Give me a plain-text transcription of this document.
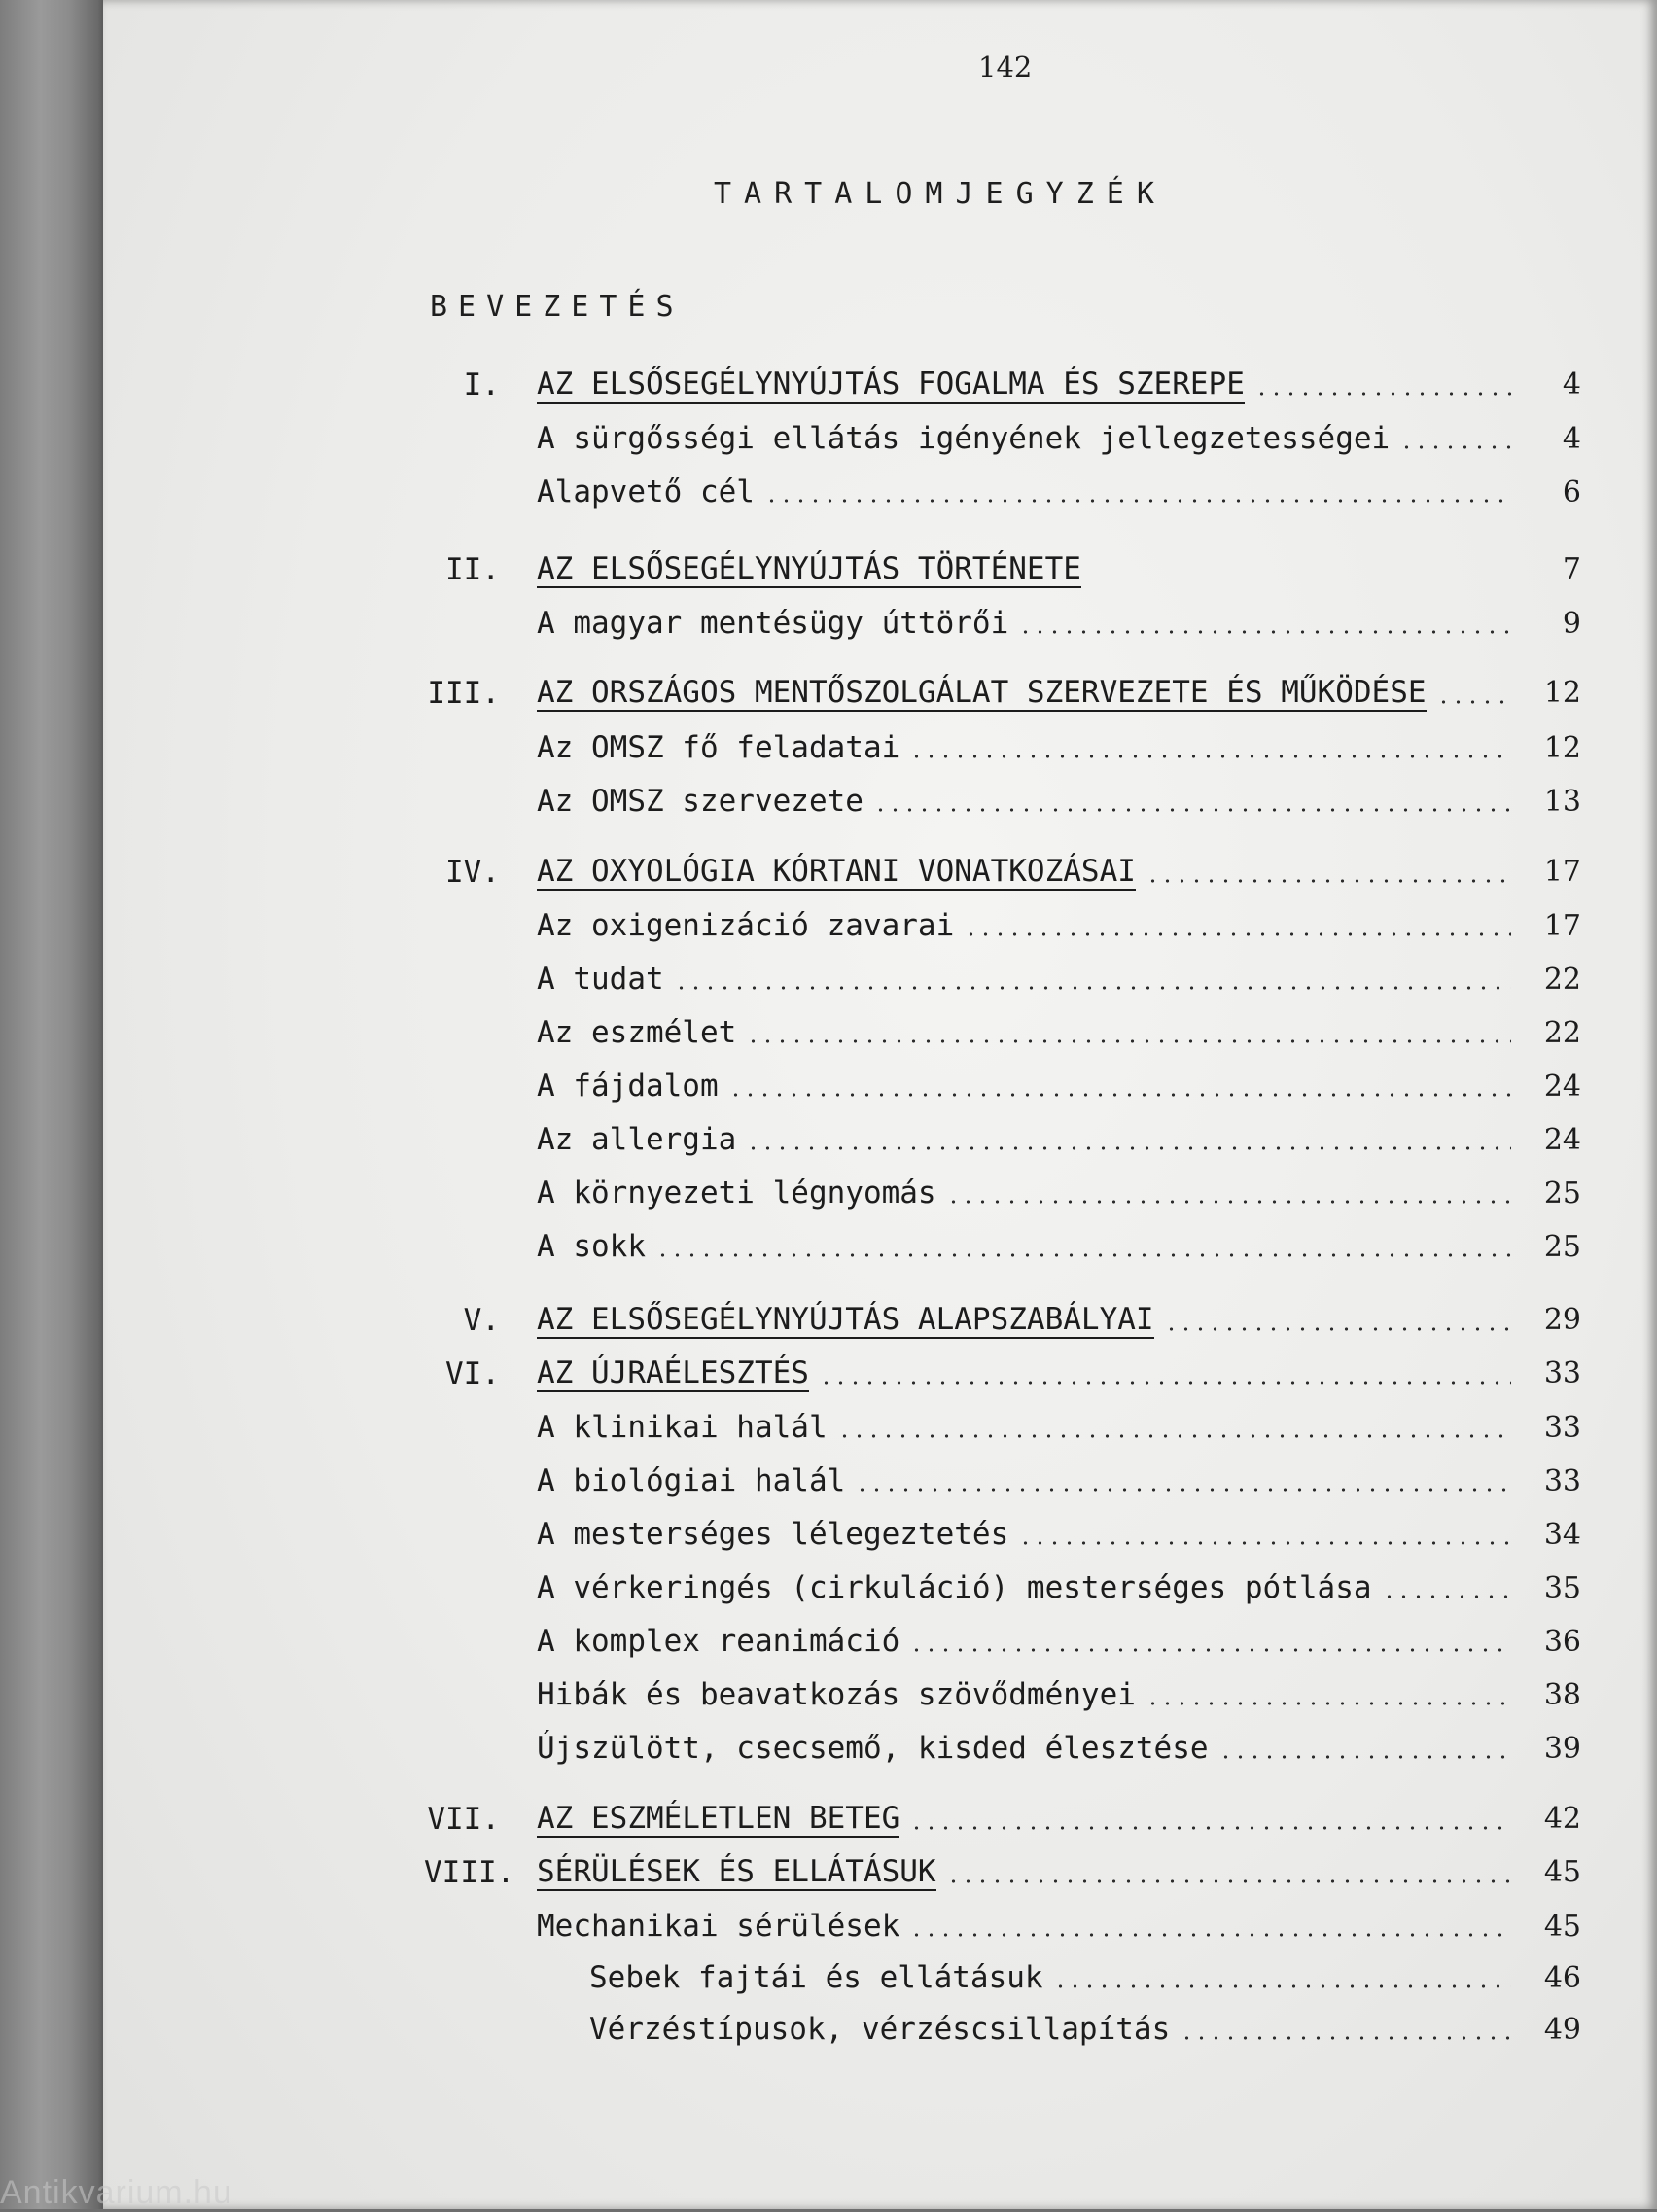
142
TARTALOMJEGYZÉK
BEVEZETÉS
I. AZ ELSŐSEGÉLYNYÚJTÁS FOGALMA ÉS SZEREPE	4
A sürgősségi ellátás igényének jellegzetességei	4
Alapvető cél	6
II. AZ ELSŐSEGÉLYNYÚJTÁS TÖRTÉNETE	7
A magyar mentésügy úttörői	9
III. AZ ORSZÁGOS MENTŐSZOLGÁLAT SZERVEZETE ÉS MŰKÖDÉSE	12
Az OMSZ fő feladatai	12
Az OMSZ szervezete	13
IV. AZ OXYOLÓGIA KÓRTANI VONATKOZÁSAI	17
Az oxigenizáció zavarai	17
A tudat	22
Az eszmélet	22
A fájdalom	24
Az allergia	24
A környezeti légnyomás	25
A sokk	25
V. AZ ELSŐSEGÉLYNYÚJTÁS ALAPSZABÁLYAI	29
VI. AZ ÚJRAÉLESZTÉS	33
A klinikai halál	33
A biológiai halál	33
A mesterséges lélegeztetés	34
A vérkeringés (cirkuláció) mesterséges pótlása	35
A komplex reanimáció	36
Hibák és beavatkozás szövődményei	38
Újszülött, csecsemő, kisded élesztése	39
VII. AZ ESZMÉLETLEN BETEG	42
VIII. SÉRÜLÉSEK ÉS ELLÁTÁSUK	45
Mechanikai sérülések	45
Sebek fajtái és ellátásuk	46
Vérzéstípusok, vérzéscsillapítás	49
Antikvarium.hu
